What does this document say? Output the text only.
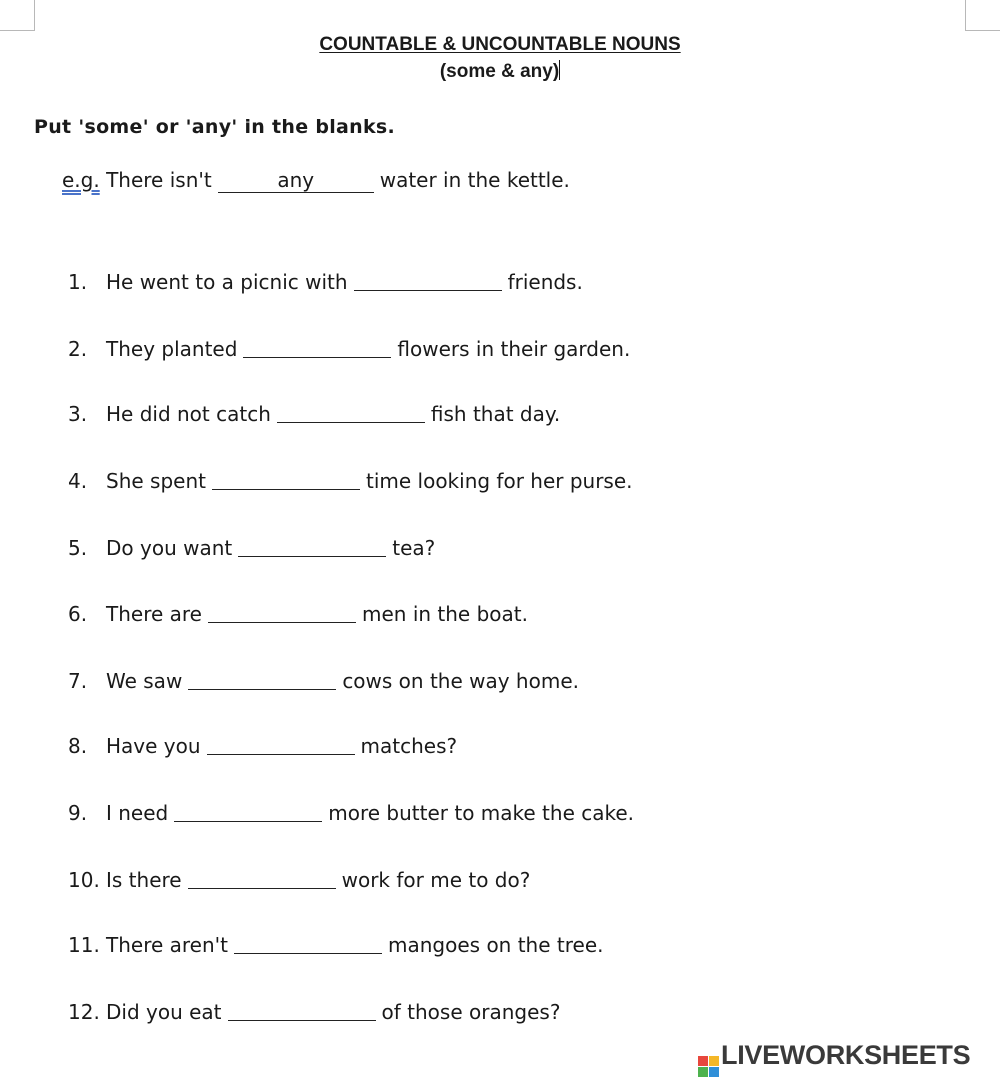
COUNTABLE & UNCOUNTABLE NOUNS
(some & any)
Put 'some' or 'any' in the blanks.
e.g. There isn't	any	water in the kettle.
1. He went to a picnic with	friends.
2. They planted	flowers in their garden.
3. He did not catch	fish that day.
4. She spent	time looking for her purse.
5. Do you want	tea?
6. There are	men in the boat.
7. We saw	cows on the way home.
8. Have you	matches?
9. I need	more butter to make the cake.
10. Is there	work for me to do?
11. There aren't	mangoes on the tree.
12. Did you eat	of those oranges?
LIVEWORKSHEETS
